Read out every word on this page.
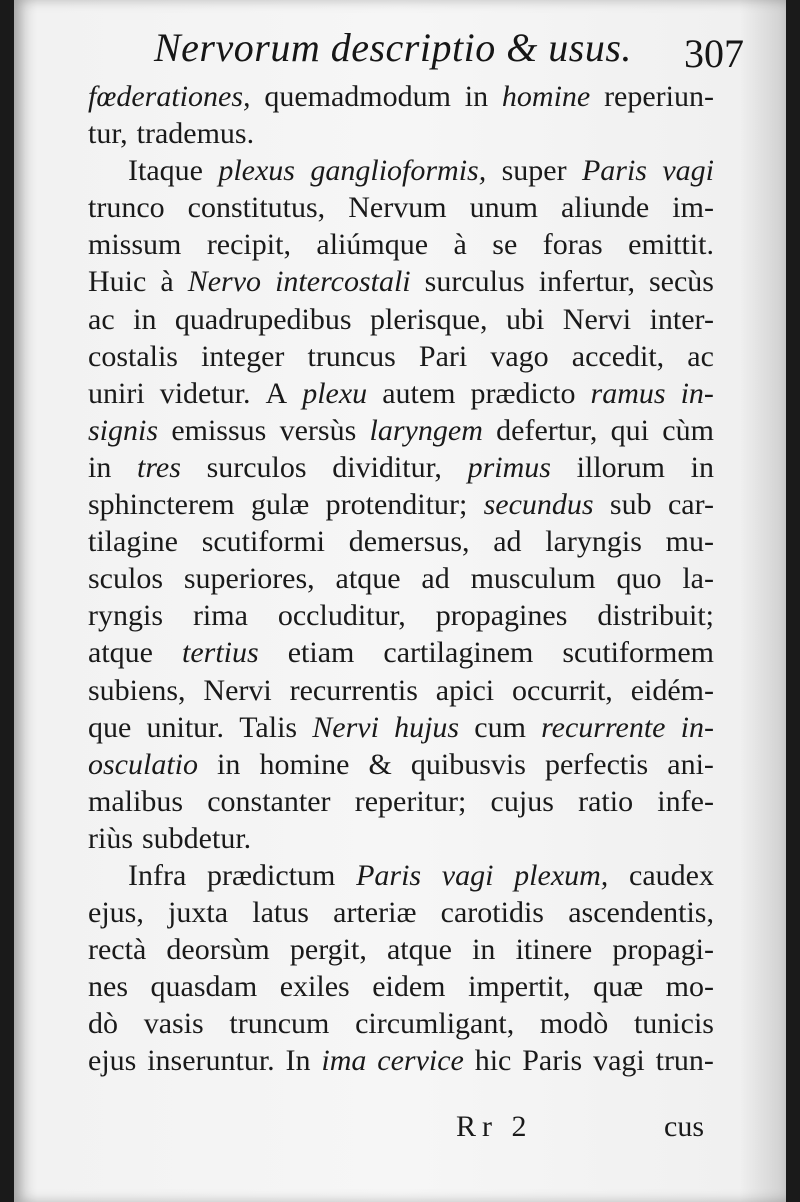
Nervorum descriptio & usus. 307
fœderationes, quemadmodum in homine reperiun-
tur, trademus.
Itaque plexus ganglioformis, super Paris vagi
trunco constitutus, Nervum unum aliunde im-
missum recipit, aliúmque à se foras emittit.
Huic à Nervo intercostali surculus infertur, secùs
ac in quadrupedibus plerisque, ubi Nervi inter-
costalis integer truncus Pari vago accedit, ac
uniri videtur. A plexu autem prædicto ramus in-
signis emissus versùs laryngem defertur, qui cùm
in tres surculos dividitur, primus illorum in
sphincterem gulæ protenditur; secundus sub car-
tilagine scutiformi demersus, ad laryngis mu-
sculos superiores, atque ad musculum quo la-
ryngis rima occluditur, propagines distribuit;
atque tertius etiam cartilaginem scutiformem
subiens, Nervi recurrentis apici occurrit, eidém-
que unitur. Talis Nervi hujus cum recurrente in-
osculatio in homine & quibusvis perfectis ani-
malibus constanter reperitur; cujus ratio infe-
riùs subdetur.
Infra prædictum Paris vagi plexum, caudex
ejus, juxta latus arteriæ carotidis ascendentis,
rectà deorsùm pergit, atque in itinere propagi-
nes quasdam exiles eidem impertit, quæ mo-
dò vasis truncum circumligant, modò tunicis
ejus inseruntur. In ima cervice hic Paris vagi trun-
Rr 2	cus
